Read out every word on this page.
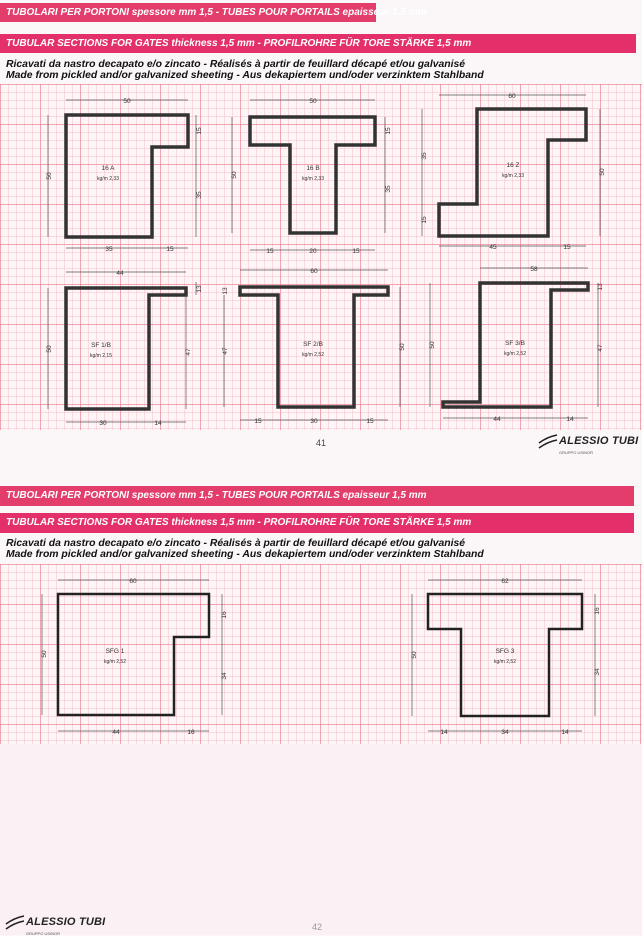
TUBOLARI PER PORTONI spessore mm 1,5 - TUBES POUR PORTAILS epaisseur 1,5 mm
TUBULAR SECTIONS FOR GATES thickness 1,5 mm - PROFILROHRE FÜR TORE STÄRKE 1,5 mm
Ricavati da nastro decapato e/o zincato - Réalisés à partir de feuillard décapé et/ou galvanisé
Made from pickled and/or galvanized sheeting - Aus dekapiertem und/oder verzinktem Stahlband
16 A
kg/m 2,33
50
15
35
50
35	15
16 B
kg/m 2,33
50
15
35
50
15	20	15
16 Z
kg/m 2,33
60
35
15
50
45	15
SF 1/B
kg/m 2,15
44
13
50	47
30	14
SF 2/B
kg/m 2,52
60
13
47
50
15	30	15
SF 3/B
kg/m 2,52
58
13
50	47
44	14
41	ALESSIO TUBI
GRUPPO USINOR
TUBOLARI PER PORTONI spessore mm 1,5 - TUBES POUR PORTAILS epaisseur 1,5 mm
TUBULAR SECTIONS FOR GATES thickness 1,5 mm - PROFILROHRE FÜR TORE STÄRKE 1,5 mm
Ricavati da nastro decapato e/o zincato - Réalisés à partir de feuillard décapé et/ou galvanisé
Made from pickled and/or galvanized sheeting - Aus dekapiertem und/oder verzinktem Stahlband
SFG 1
kg/m 2,52
60
16
50
34
44	16
SFG 3
kg/m 2,52
62
16
50
34
14	34	14
ALESSIO TUBI
GRUPPO USINOR
42
